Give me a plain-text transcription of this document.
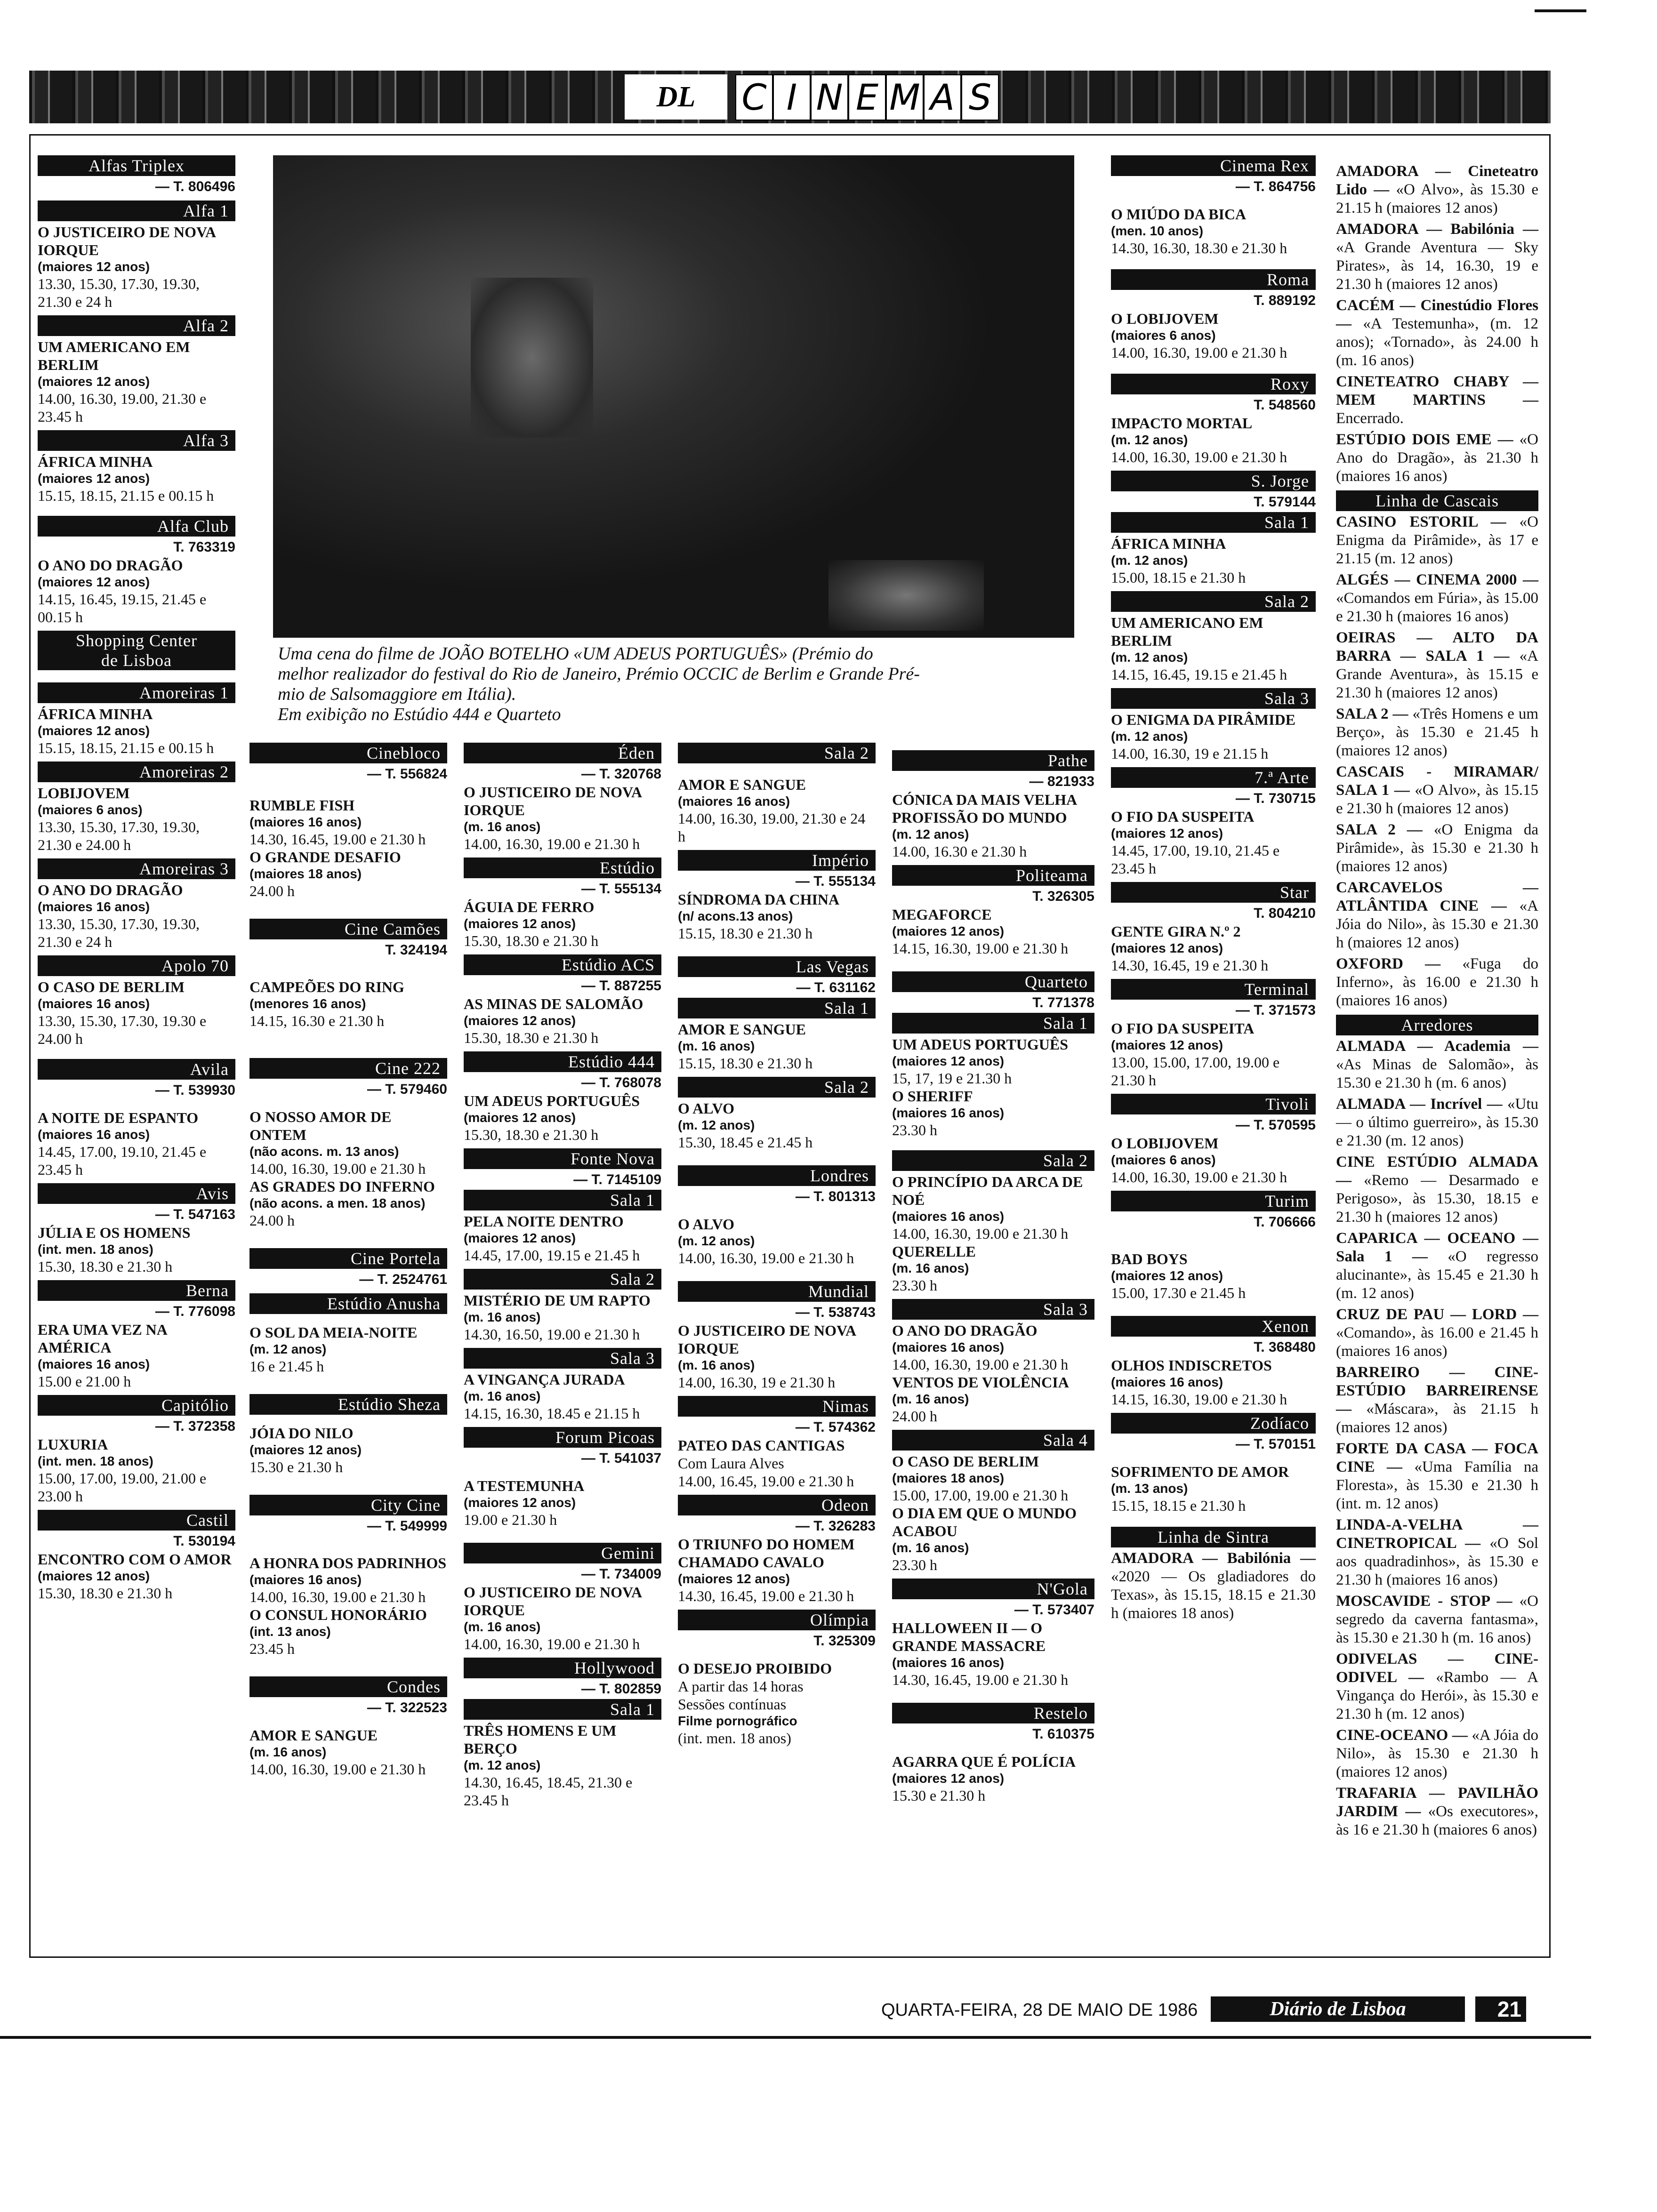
DL	C I N E M A S
Uma cena do filme de JOÃO BOTELHO «UM ADEUS PORTUGUÊS» (Prémio do
melhor realizador do festival do Rio de Janeiro, Prémio OCCIC de Berlim e Grande Pré-
mio de Salsomaggiore em Itália).
Em exibição no Estúdio 444 e Quarteto
Alfas Triplex
— T. 806496
Alfa 1
O JUSTICEIRO DE NOVA IORQUE
(maiores 12 anos)
13.30, 15.30, 17.30, 19.30, 21.30 e 24 h
Alfa 2
UM AMERICANO EM BERLIM
(maiores 12 anos)
14.00, 16.30, 19.00, 21.30 e 23.45 h
Alfa 3
ÁFRICA MINHA
(maiores 12 anos)
15.15, 18.15, 21.15 e 00.15 h
Alfa Club
T. 763319
O ANO DO DRAGÃO
(maiores 12 anos)
14.15, 16.45, 19.15, 21.45 e 00.15 h
Shopping Center
de Lisboa
Amoreiras 1
ÁFRICA MINHA
(maiores 12 anos)
15.15, 18.15, 21.15 e 00.15 h
Amoreiras 2
LOBIJOVEM
(maiores 6 anos)
13.30, 15.30, 17.30, 19.30, 21.30 e 24.00 h
Amoreiras 3
O ANO DO DRAGÃO
(maiores 16 anos)
13.30, 15.30, 17.30, 19.30, 21.30 e 24 h
Apolo 70
O CASO DE BERLIM
(maiores 16 anos)
13.30, 15.30, 17.30, 19.30 e 24.00 h
Avila
— T. 539930
A NOITE DE ESPANTO
(maiores 16 anos)
14.45, 17.00, 19.10, 21.45 e 23.45 h
Avis
— T. 547163
JÚLIA E OS HOMENS
(int. men. 18 anos)
15.30, 18.30 e 21.30 h
Berna
— T. 776098
ERA UMA VEZ NA AMÉRICA
(maiores 16 anos)
15.00 e 21.00 h
Capitólio
— T. 372358
LUXURIA
(int. men. 18 anos)
15.00, 17.00, 19.00, 21.00 e 23.00 h
Castil
T. 530194
ENCONTRO COM O AMOR
(maiores 12 anos)
15.30, 18.30 e 21.30 h
Cinebloco
— T. 556824
RUMBLE FISH
(maiores 16 anos)
14.30, 16.45, 19.00 e 21.30 h
O GRANDE DESAFIO
(maiores 18 anos)
24.00 h
Cine Camões
T. 324194
CAMPEÕES DO RING
(menores 16 anos)
14.15, 16.30 e 21.30 h
Cine 222
— T. 579460
O NOSSO AMOR DE ONTEM
(não acons. m. 13 anos)
14.00, 16.30, 19.00 e 21.30 h
AS GRADES DO INFERNO
(não acons. a men. 18 anos)
24.00 h
Cine Portela
— T. 2524761
Estúdio Anusha
O SOL DA MEIA-NOITE
(m. 12 anos)
16 e 21.45 h
Estúdio Sheza
JÓIA DO NILO
(maiores 12 anos)
15.30 e 21.30 h
City Cine
— T. 549999
A HONRA DOS PADRINHOS
(maiores 16 anos)
14.00, 16.30, 19.00 e 21.30 h
O CONSUL HONORÁRIO
(int. 13 anos)
23.45 h
Condes
— T. 322523
AMOR E SANGUE
(m. 16 anos)
14.00, 16.30, 19.00 e 21.30 h
Éden
— T. 320768
O JUSTICEIRO DE NOVA IORQUE
(m. 16 anos)
14.00, 16.30, 19.00 e 21.30 h
Estúdio
— T. 555134
ÁGUIA DE FERRO
(maiores 12 anos)
15.30, 18.30 e 21.30 h
Estúdio ACS
— T. 887255
AS MINAS DE SALOMÃO
(maiores 12 anos)
15.30, 18.30 e 21.30 h
Estúdio 444
— T. 768078
UM ADEUS PORTUGUÊS
(maiores 12 anos)
15.30, 18.30 e 21.30 h
Fonte Nova
— T. 7145109
Sala 1
PELA NOITE DENTRO
(maiores 12 anos)
14.45, 17.00, 19.15 e 21.45 h
Sala 2
MISTÉRIO DE UM RAPTO
(m. 16 anos)
14.30, 16.50, 19.00 e 21.30 h
Sala 3
A VINGANÇA JURADA
(m. 16 anos)
14.15, 16.30, 18.45 e 21.15 h
Forum Picoas
— T. 541037
A TESTEMUNHA
(maiores 12 anos)
19.00 e 21.30 h
Gemini
— T. 734009
O JUSTICEIRO DE NOVA IORQUE
(m. 16 anos)
14.00, 16.30, 19.00 e 21.30 h
Hollywood
— T. 802859
Sala 1
TRÊS HOMENS E UM BERÇO
(m. 12 anos)
14.30, 16.45, 18.45, 21.30 e 23.45 h
Sala 2
AMOR E SANGUE
(maiores 16 anos)
14.00, 16.30, 19.00, 21.30 e 24 h
Império
— T. 555134
SÍNDROMA DA CHINA
(n/ acons.13 anos)
15.15, 18.30 e 21.30 h
Las Vegas
— T. 631162
Sala 1
AMOR E SANGUE
(m. 16 anos)
15.15, 18.30 e 21.30 h
Sala 2
O ALVO
(m. 12 anos)
15.30, 18.45 e 21.45 h
Londres
— T. 801313
O ALVO
(m. 12 anos)
14.00, 16.30, 19.00 e 21.30 h
Mundial
— T. 538743
O JUSTICEIRO DE NOVA IORQUE
(m. 16 anos)
14.00, 16.30, 19 e 21.30 h
Nimas
— T. 574362
PATEO DAS CANTIGAS
Com Laura Alves
14.00, 16.45, 19.00 e 21.30 h
Odeon
— T. 326283
O TRIUNFO DO HOMEM CHAMADO CAVALO
(maiores 12 anos)
14.30, 16.45, 19.00 e 21.30 h
Olímpia
T. 325309
O DESEJO PROIBIDO
A partir das 14 horas
Sessões contínuas
Filme pornográfico
(int. men. 18 anos)
Pathe
— 821933
CÓNICA DA MAIS VELHA PROFISSÃO DO MUNDO
(m. 12 anos)
14.00, 16.30 e 21.30 h
Politeama
T. 326305
MEGAFORCE
(maiores 12 anos)
14.15, 16.30, 19.00 e 21.30 h
Quarteto
T. 771378
Sala 1
UM ADEUS PORTUGUÊS
(maiores 12 anos)
15, 17, 19 e 21.30 h
O SHERIFF
(maiores 16 anos)
23.30 h
Sala 2
O PRINCÍPIO DA ARCA DE NOÉ
(maiores 16 anos)
14.00, 16.30, 19.00 e 21.30 h
QUERELLE
(m. 16 anos)
23.30 h
Sala 3
O ANO DO DRAGÃO
(maiores 16 anos)
14.00, 16.30, 19.00 e 21.30 h
VENTOS DE VIOLÊNCIA
(m. 16 anos)
24.00 h
Sala 4
O CASO DE BERLIM
(maiores 18 anos)
15.00, 17.00, 19.00 e 21.30 h
O DIA EM QUE O MUNDO ACABOU
(m. 16 anos)
23.30 h
N'Gola
— T. 573407
HALLOWEEN II — O GRANDE MASSACRE
(maiores 16 anos)
14.30, 16.45, 19.00 e 21.30 h
Restelo
T. 610375
AGARRA QUE É POLÍCIA
(maiores 12 anos)
15.30 e 21.30 h
Cinema Rex
— T. 864756
O MIÚDO DA BICA
(men. 10 anos)
14.30, 16.30, 18.30 e 21.30 h
Roma
T. 889192
O LOBIJOVEM
(maiores 6 anos)
14.00, 16.30, 19.00 e 21.30 h
Roxy
T. 548560
IMPACTO MORTAL
(m. 12 anos)
14.00, 16.30, 19.00 e 21.30 h
S. Jorge
T. 579144
Sala 1
ÁFRICA MINHA
(m. 12 anos)
15.00, 18.15 e 21.30 h
Sala 2
UM AMERICANO EM BERLIM
(m. 12 anos)
14.15, 16.45, 19.15 e 21.45 h
Sala 3
O ENIGMA DA PIRÂMIDE
(m. 12 anos)
14.00, 16.30, 19 e 21.15 h
7.ª Arte
— T. 730715
O FIO DA SUSPEITA
(maiores 12 anos)
14.45, 17.00, 19.10, 21.45 e 23.45 h
Star
T. 804210
GENTE GIRA N.º 2
(maiores 12 anos)
14.30, 16.45, 19 e 21.30 h
Terminal
— T. 371573
O FIO DA SUSPEITA
(maiores 12 anos)
13.00, 15.00, 17.00, 19.00 e 21.30 h
Tivoli
— T. 570595
O LOBIJOVEM
(maiores 6 anos)
14.00, 16.30, 19.00 e 21.30 h
Turim
T. 706666
BAD BOYS
(maiores 12 anos)
15.00, 17.30 e 21.45 h
Xenon
T. 368480
OLHOS INDISCRETOS
(maiores 16 anos)
14.15, 16.30, 19.00 e 21.30 h
Zodíaco
— T. 570151
SOFRIMENTO DE AMOR
(m. 13 anos)
15.15, 18.15 e 21.30 h
Linha de Sintra

AMADORA — Babilónia — «2020 — Os gladiadores do Texas», às 15.15, 18.15 e 21.30 h (maiores 18 anos)

AMADORA — Cineteatro Lido — «O Alvo», às 15.30 e 21.15 h (maiores 12 anos)

AMADORA — Babilónia — «A Grande Aventura — Sky Pirates», às 14, 16.30, 19 e 21.30 h (maiores 12 anos)

CACÉM — Cinestúdio Flores — «A Testemunha», (m. 12 anos); «Tornado», às 24.00 h (m. 16 anos)

CINETEATRO CHABY — MEM MARTINS — Encerrado.

ESTÚDIO DOIS EME — «O Ano do Dragão», às 21.30 h (maiores 16 anos)

Linha de Cascais

CASINO ESTORIL — «O Enigma da Pirâmide», às 17 e 21.15 (m. 12 anos)

ALGÉS — CINEMA 2000 — «Comandos em Fúria», às 15.00 e 21.30 h (maiores 16 anos)

OEIRAS — ALTO DA BARRA — SALA 1 — «A Grande Aventura», às 15.15 e 21.30 h (maiores 12 anos)

SALA 2 — «Três Homens e um Berço», às 15.30 e 21.45 h (maiores 12 anos)

CASCAIS - MIRAMAR/ SALA 1 — «O Alvo», às 15.15 e 21.30 h (maiores 12 anos)

SALA 2 — «O Enigma da Pirâmide», às 15.30 e 21.30 h (maiores 12 anos)

CARCAVELOS — ATLÂNTIDA CINE — «A Jóia do Nilo», às 15.30 e 21.30 h (maiores 12 anos)

OXFORD — «Fuga do Inferno», às 16.00 e 21.30 h (maiores 16 anos)

Arredores

ALMADA — Academia — «As Minas de Salomão», às 15.30 e 21.30 h (m. 6 anos)

ALMADA — Incrível — «Utu — o último guerreiro», às 15.30 e 21.30 (m. 12 anos)

CINE ESTÚDIO ALMADA — «Remo — Desarmado e Perigoso», às 15.30, 18.15 e 21.30 h (maiores 12 anos)

CAPARICA — OCEANO — Sala 1 — «O regresso alucinante», às 15.45 e 21.30 h (m. 12 anos)

CRUZ DE PAU — LORD — «Comando», às 16.00 e 21.45 h (maiores 16 anos)

BARREIRO — CINE-ESTÚDIO BARREIRENSE — «Máscara», às 21.15 h (maiores 12 anos)

FORTE DA CASA — FOCA CINE — «Uma Família na Floresta», às 15.30 e 21.30 h (int. m. 12 anos)

LINDA-A-VELHA — CINETROPICAL — «O Sol aos quadradinhos», às 15.30 e 21.30 h (maiores 16 anos)

MOSCAVIDE - STOP — «O segredo da caverna fantasma», às 15.30 e 21.30 h (m. 16 anos)

ODIVELAS — CINE-ODIVEL — «Rambo — A Vingança do Herói», às 15.30 e 21.30 h (m. 12 anos)

CINE-OCEANO — «A Jóia do Nilo», às 15.30 e 21.30 h (maiores 12 anos)

TRAFARIA — PAVILHÃO JARDIM — «Os executores», às 16 e 21.30 h (maiores 6 anos)

QUARTA-FEIRA, 28 DE MAIO DE 1986	Diário de Lisboa	21
